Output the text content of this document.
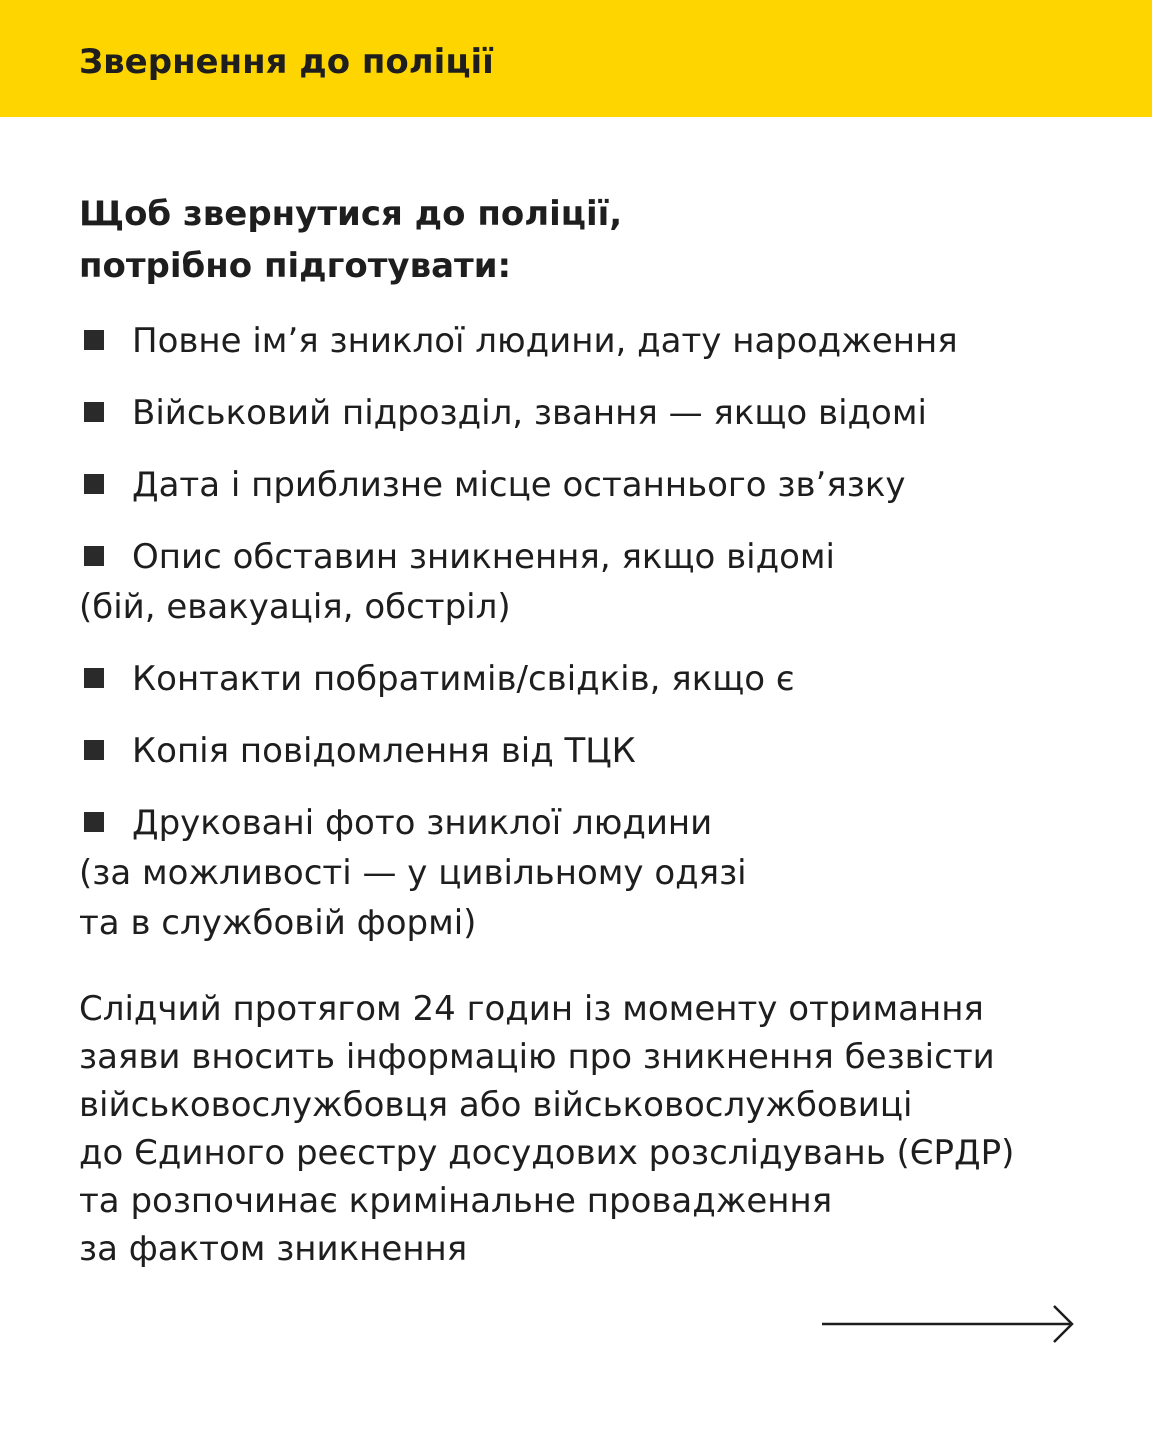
Звернення до поліції
Щоб звернутися до поліції,
потрібно підготувати:
Повне ім’я зниклої людини, дату народження
Військовий підрозділ, звання — якщо відомі
Дата і приблизне місце останнього зв’язку
Опис обставин зникнення, якщо відомі
(бій, евакуація, обстріл)
Контакти побратимів/свідків, якщо є
Копія повідомлення від ТЦК
Друковані фото зниклої людини
(за можливості — у цивільному одязі
та в службовій формі)

Слідчий протягом 24 годин із моменту отримання
заяви вносить інформацію про зникнення безвісти
військовослужбовця або військовослужбовиці
до Єдиного реєстру досудових розслідувань (ЄРДР)
та розпочинає кримінальне провадження
за фактом зникнення
